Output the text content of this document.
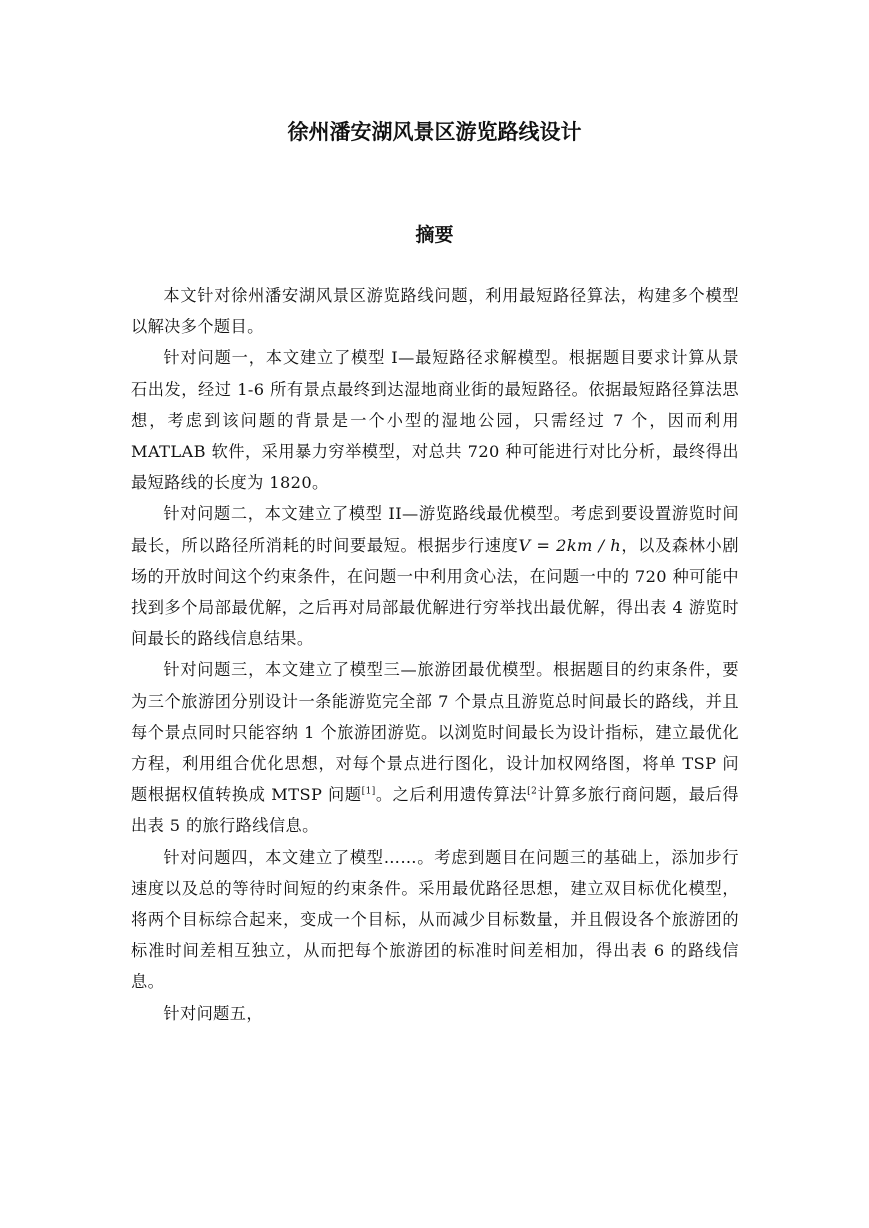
徐州潘安湖风景区游览路线设计
摘要

本文针对徐州潘安湖风景区游览路线问题，利用最短路径算法，构建多个模型以解决多个题目。

针对问题一，本文建立了模型 I—最短路径求解模型。根据题目要求计算从景石出发，经过 1-6 所有景点最终到达湿地商业街的最短路径。依据最短路径算法思想，考虑到该问题的背景是一个小型的湿地公园，只需经过 7 个，因而利用 MATLAB 软件，采用暴力穷举模型，对总共 720 种可能进行对比分析，最终得出最短路线的长度为 1820。

针对问题二，本文建立了模型 II—游览路线最优模型。考虑到要设置游览时间最长，所以路径所消耗的时间要最短。根据步行速度V = 2km / h，以及森林小剧场的开放时间这个约束条件，在问题一中利用贪心法，在问题一中的 720 种可能中找到多个局部最优解，之后再对局部最优解进行穷举找出最优解，得出表 4 游览时间最长的路线信息结果。

针对问题三，本文建立了模型三—旅游团最优模型。根据题目的约束条件，要为三个旅游团分别设计一条能游览完全部 7 个景点且游览总时间最长的路线，并且每个景点同时只能容纳 1 个旅游团游览。以浏览时间最长为设计指标，建立最优化方程，利用组合优化思想，对每个景点进行图化，设计加权网络图，将单 TSP 问题根据权值转换成 MTSP 问题[1]。之后利用遗传算法$^{[2}$计算多旅行商问题，最后得出表 5 的旅行路线信息。

针对问题四，本文建立了模型……。考虑到题目在问题三的基础上，添加步行速度以及总的等待时间短的约束条件。采用最优路径思想，建立双目标优化模型，将两个目标综合起来，变成一个目标，从而减少目标数量，并且假设各个旅游团的标准时间差相互独立，从而把每个旅游团的标准时间差相加，得出表 6 的路线信息。

针对问题五，
